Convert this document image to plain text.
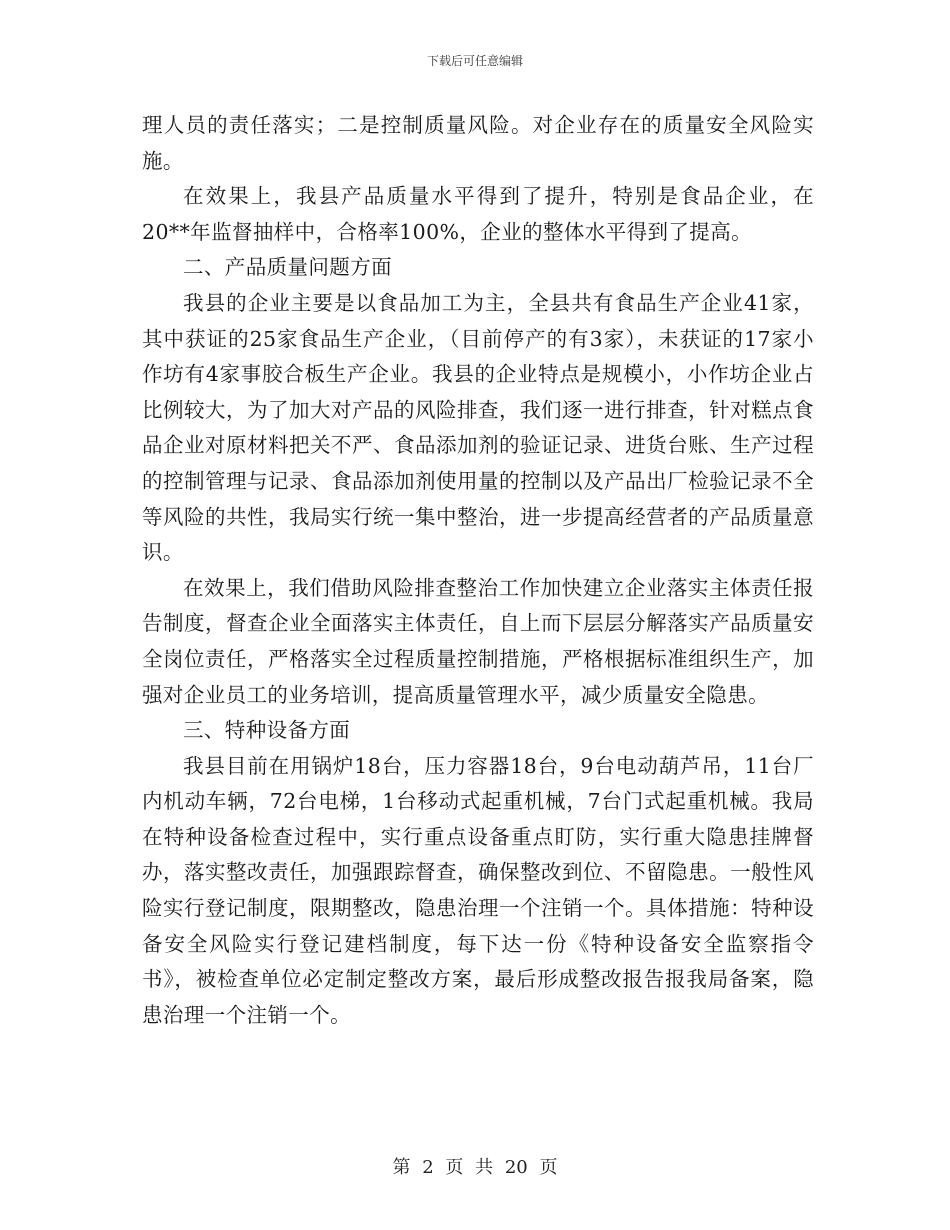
下载后可任意编辑

理人员的责任落实；二是控制质量风险。对企业存在的质量安全风险实施。

在效果上，我县产品质量水平得到了提升，特别是食品企业，在20**年监督抽样中，合格率100%，企业的整体水平得到了提高。

二、产品质量问题方面

我县的企业主要是以食品加工为主，全县共有食品生产企业41家，其中获证的25家食品生产企业，（目前停产的有3家），未获证的17家小作坊有4家事胶合板生产企业。我县的企业特点是规模小，小作坊企业占比例较大，为了加大对产品的风险排查，我们逐一进行排查，针对糕点食品企业对原材料把关不严、食品添加剂的验证记录、进货台账、生产过程的控制管理与记录、食品添加剂使用量的控制以及产品出厂检验记录不全等风险的共性，我局实行统一集中整治，进一步提高经营者的产品质量意识。

在效果上，我们借助风险排查整治工作加快建立企业落实主体责任报告制度，督查企业全面落实主体责任，自上而下层层分解落实产品质量安全岗位责任，严格落实全过程质量控制措施，严格根据标准组织生产，加强对企业员工的业务培训，提高质量管理水平，减少质量安全隐患。

三、特种设备方面

我县目前在用锅炉18台，压力容器18台，9台电动葫芦吊，11台厂内机动车辆，72台电梯，1台移动式起重机械，7台门式起重机械。我局在特种设备检查过程中，实行重点设备重点盯防，实行重大隐患挂牌督办，落实整改责任，加强跟踪督查，确保整改到位、不留隐患。一般性风险实行登记制度，限期整改，隐患治理一个注销一个。具体措施：特种设备安全风险实行登记建档制度，每下达一份《特种设备安全监察指令书》，被检查单位必定制定整改方案，最后形成整改报告报我局备案，隐患治理一个注销一个。

第 2 页 共 20 页
